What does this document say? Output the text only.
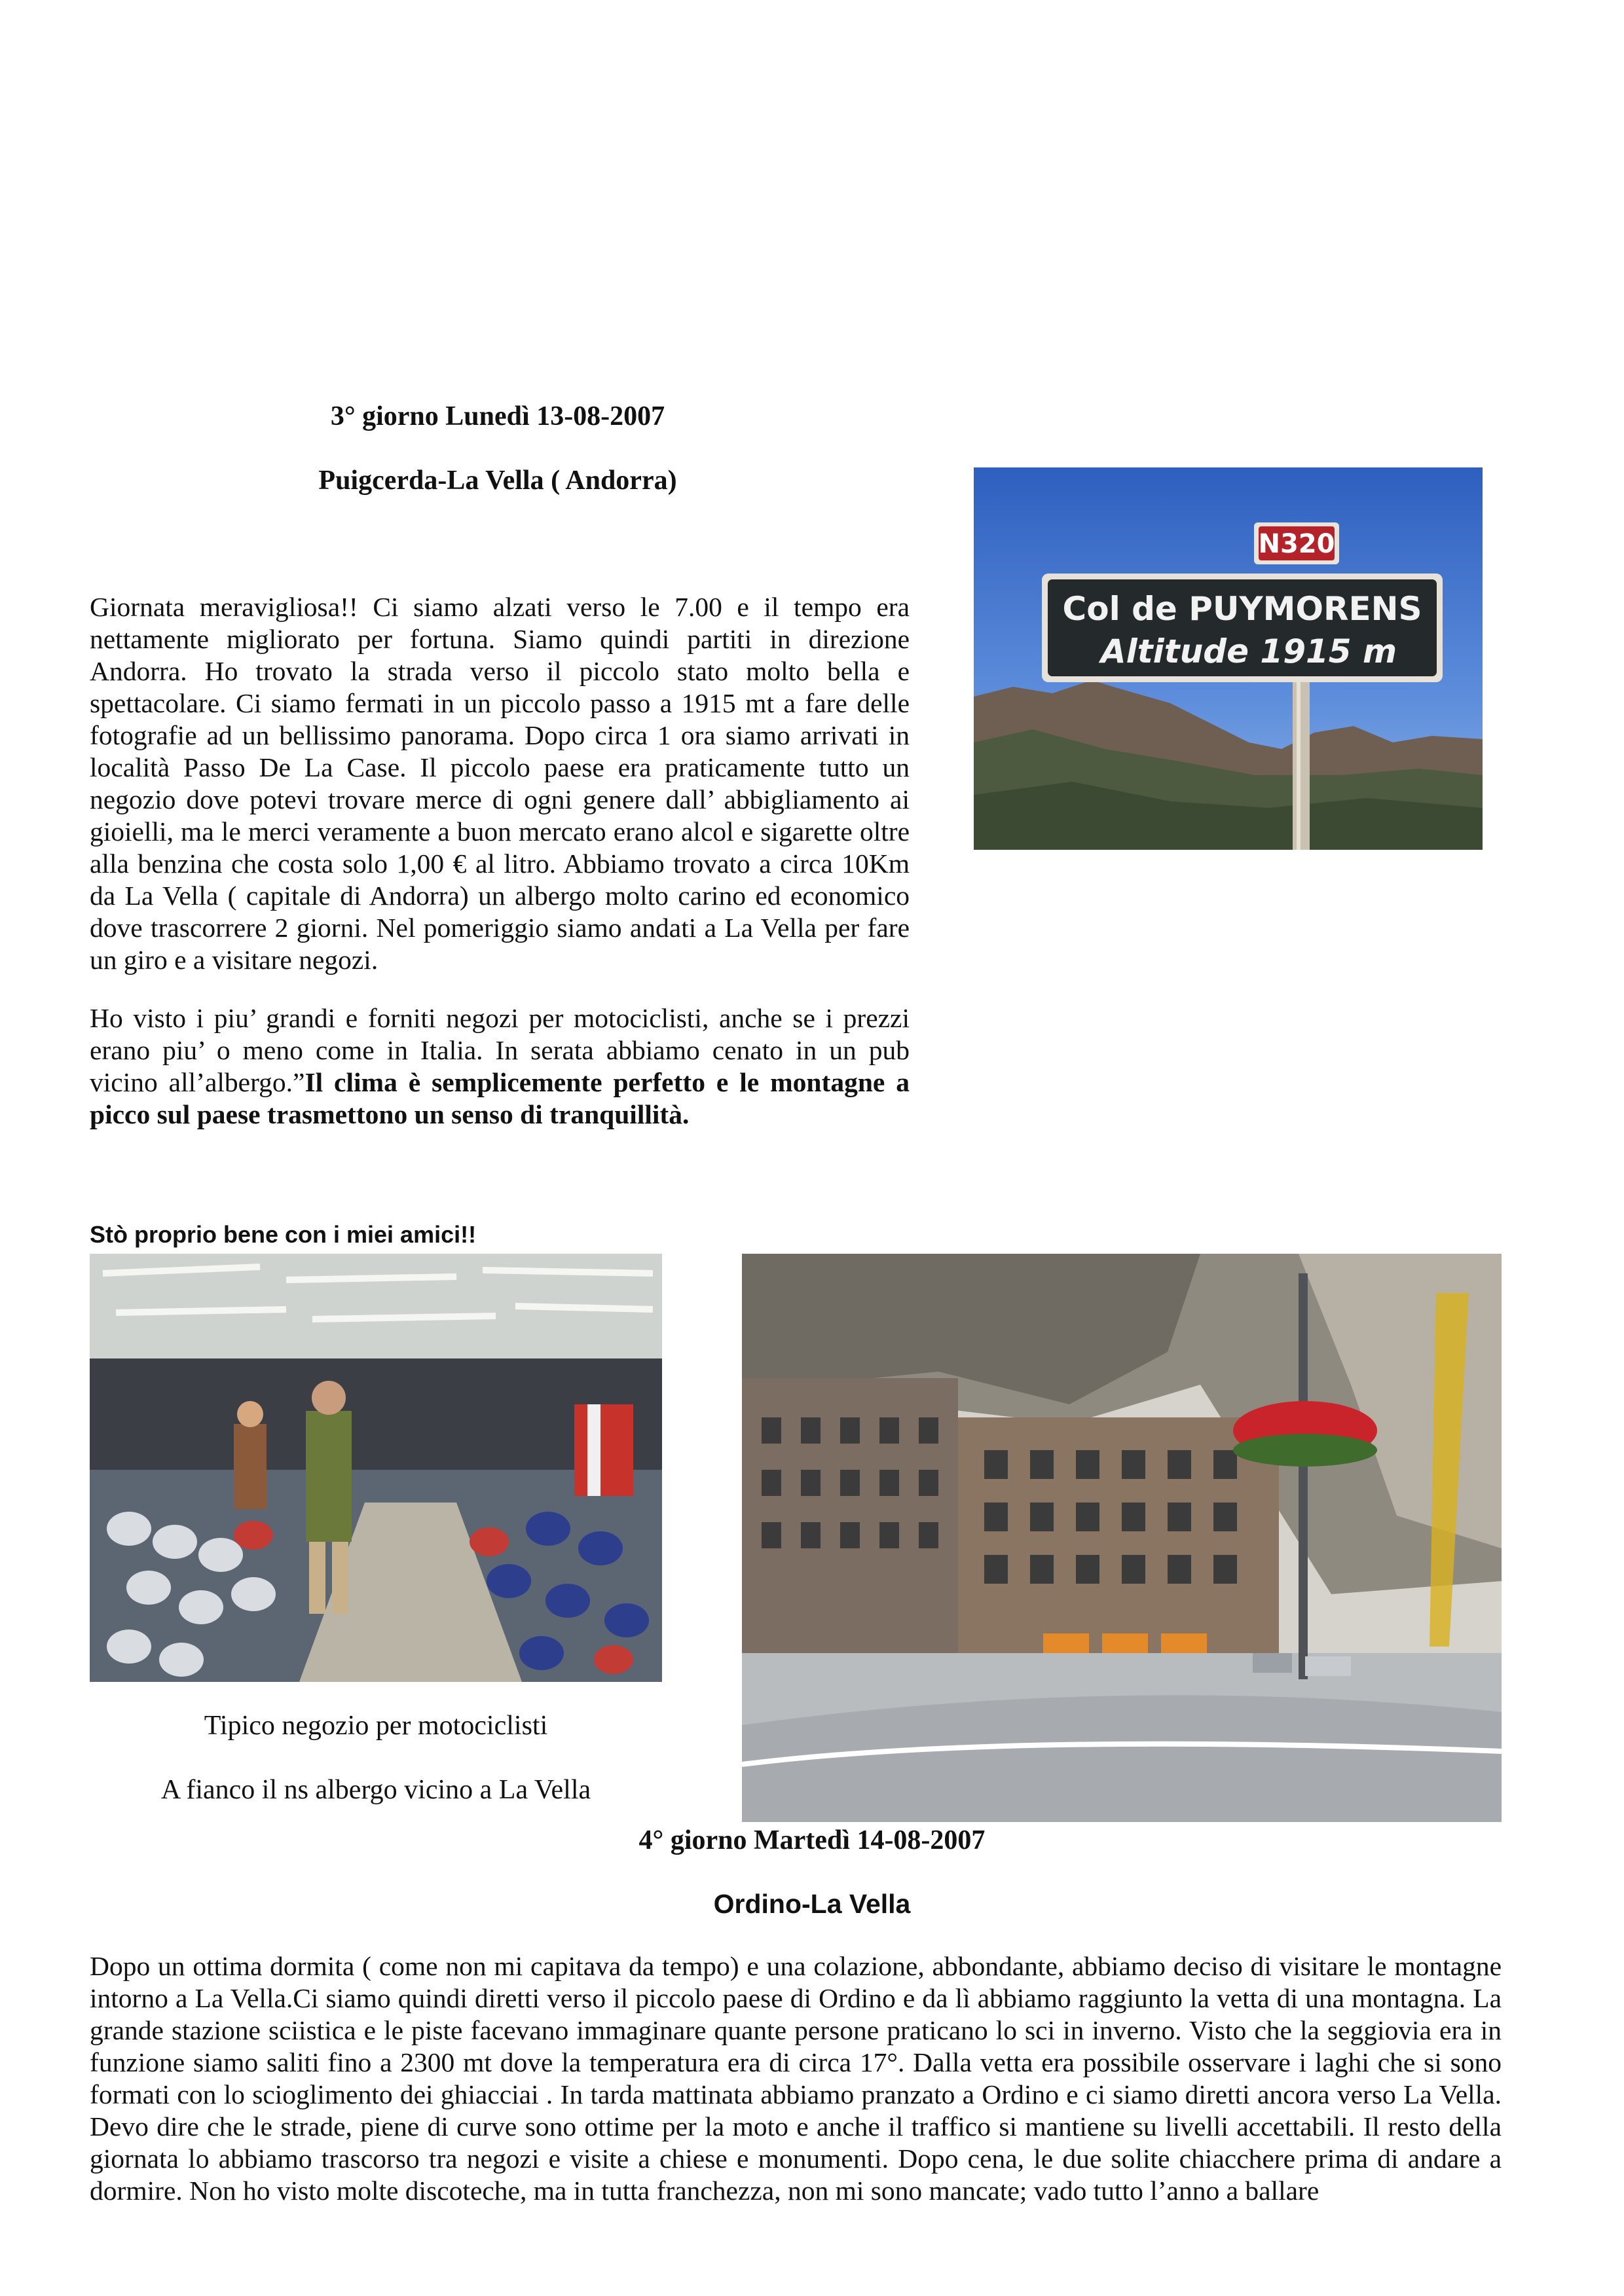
3° giorno Lunedì 13-08-2007
Puigcerda-La Vella ( Andorra)

Giornata meravigliosa!! Ci siamo alzati verso le 7.00 e il tempo era nettamente migliorato per fortuna. Siamo quindi partiti in direzione Andorra. Ho trovato la strada verso il piccolo stato molto bella e spettacolare. Ci siamo fermati in un piccolo passo a 1915 mt a fare delle fotografie ad un bellissimo panorama. Dopo circa 1 ora siamo arrivati in località Passo De La Case. Il piccolo paese era praticamente tutto un negozio dove potevi trovare merce di ogni genere dall’ abbigliamento ai gioielli, ma le merci veramente a buon mercato erano alcol e sigarette oltre alla benzina che costa solo 1,00 € al litro. Abbiamo trovato a circa 10Km da La Vella ( capitale di Andorra) un albergo molto carino ed economico dove trascorrere 2 giorni. Nel pomeriggio siamo andati a La Vella per fare un giro e a visitare negozi.

Ho visto i piu’ grandi e forniti negozi per motociclisti, anche se i prezzi erano piu’ o meno come in Italia. In serata abbiamo cenato in un pub vicino all’albergo.”Il clima è semplicemente perfetto e le montagne a picco sul paese trasmettono un senso di tranquillità.

Stò proprio bene con i miei amici!!
N320
Col de PUYMORENS
Altitude 1915 m
Tipico negozio per motociclisti
A fianco il ns albergo vicino a La Vella
4° giorno Martedì 14-08-2007
Ordino-La Vella
Dopo un ottima dormita ( come non mi capitava da tempo) e una colazione, abbondante, abbiamo deciso di visitare le montagne intorno a La Vella.Ci siamo quindi diretti verso il piccolo paese di Ordino e da lì abbiamo raggiunto la vetta di una montagna. La grande stazione sciistica e le piste facevano immaginare quante persone praticano lo sci in inverno. Visto che la seggiovia era in funzione siamo saliti fino a 2300 mt dove la temperatura era di circa 17°. Dalla vetta era possibile osservare i laghi che si sono formati con lo scioglimento dei ghiacciai . In tarda mattinata abbiamo pranzato a Ordino e ci siamo diretti ancora verso La Vella. Devo dire che le strade, piene di curve sono ottime per la moto e anche il traffico si mantiene su livelli accettabili. Il resto della giornata lo abbiamo trascorso tra negozi e visite a chiese e monumenti. Dopo cena, le due solite chiacchere prima di andare a dormire. Non ho visto molte discoteche, ma in tutta franchezza, non mi sono mancate; vado tutto l’anno a ballare
